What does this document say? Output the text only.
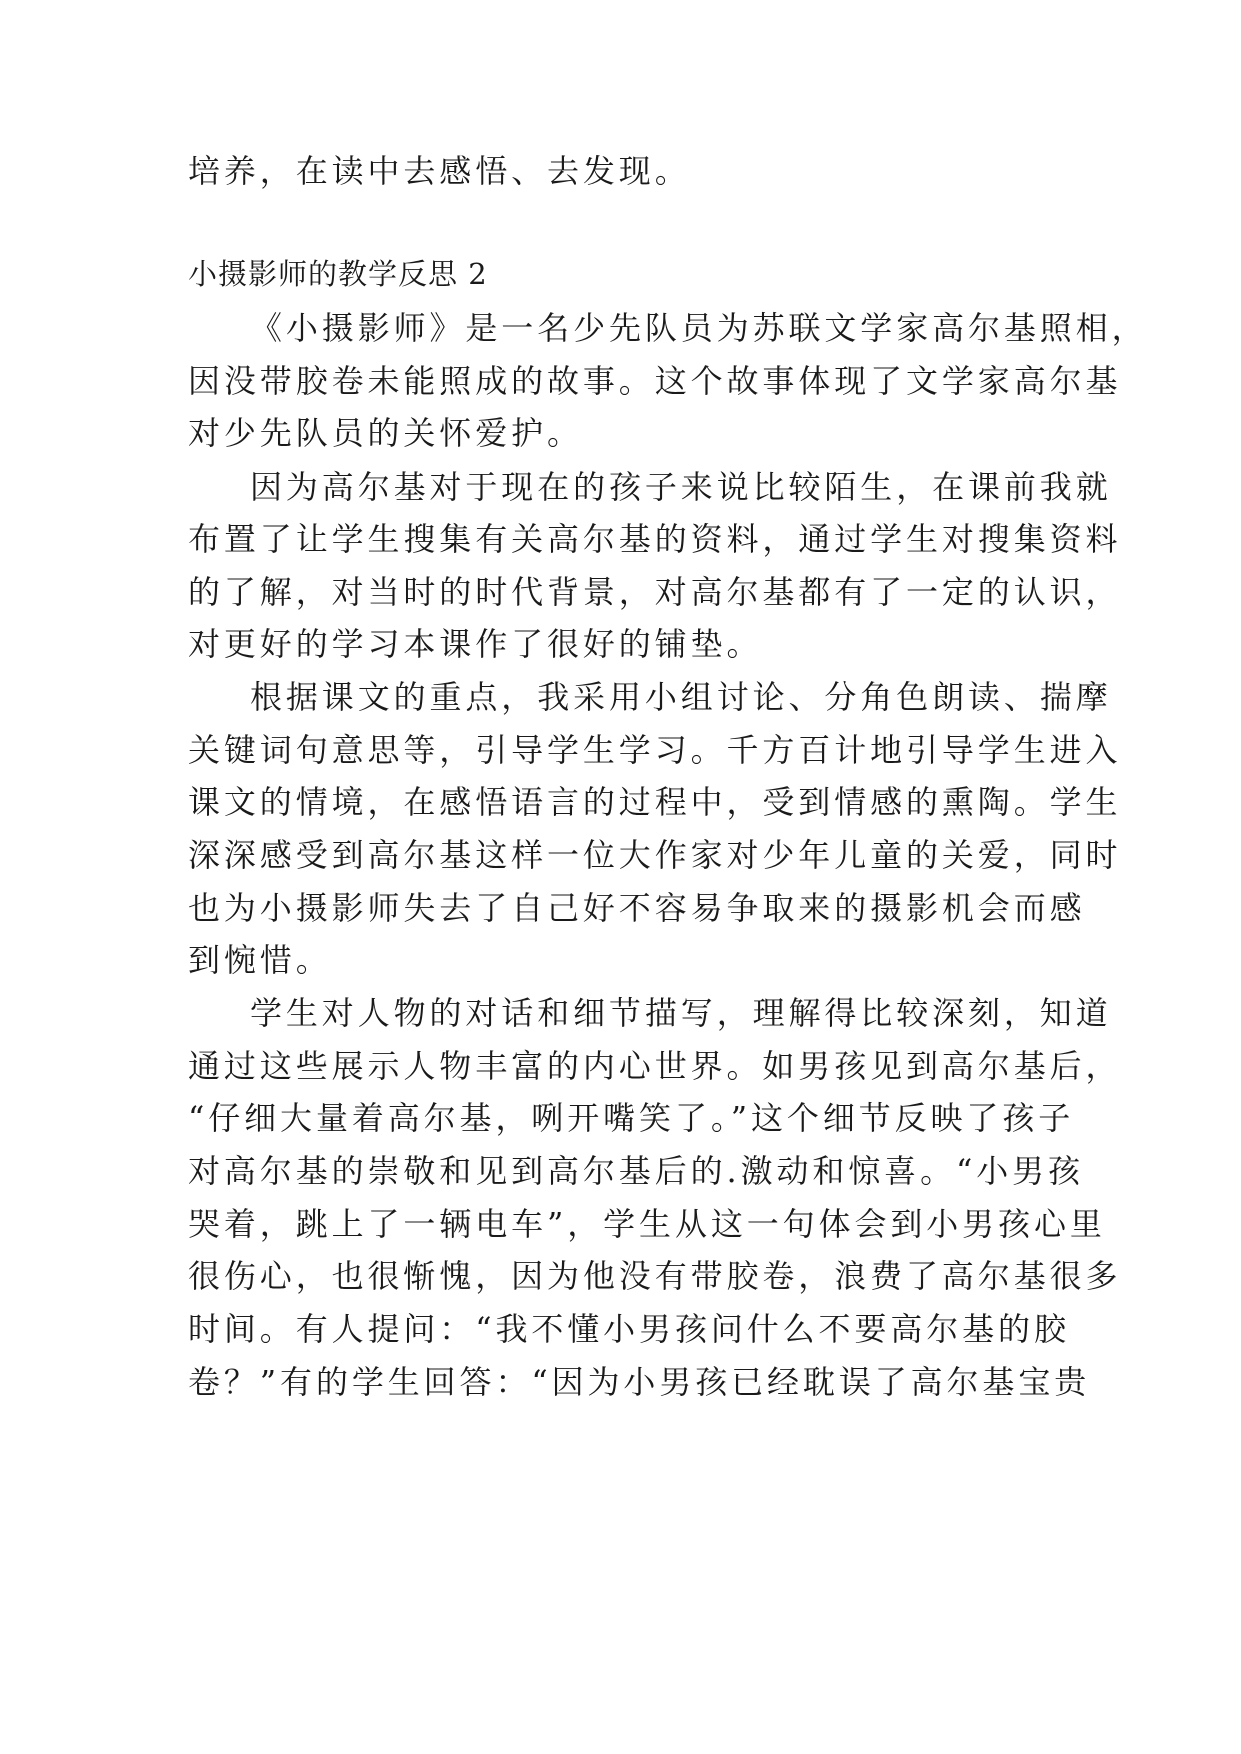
培养，在读中去感悟、去发现。
小摄影师的教学反思 2
《小摄影师》是一名少先队员为苏联文学家高尔基照相，
因没带胶卷未能照成的故事。这个故事体现了文学家高尔基
对少先队员的关怀爱护。
因为高尔基对于现在的孩子来说比较陌生，在课前我就
布置了让学生搜集有关高尔基的资料，通过学生对搜集资料
的了解，对当时的时代背景，对高尔基都有了一定的认识，
对更好的学习本课作了很好的铺垫。
根据课文的重点，我采用小组讨论、分角色朗读、揣摩
关键词句意思等，引导学生学习。千方百计地引导学生进入
课文的情境，在感悟语言的过程中，受到情感的熏陶。学生
深深感受到高尔基这样一位大作家对少年儿童的关爱，同时
也为小摄影师失去了自己好不容易争取来的摄影机会而感
到惋惜。
学生对人物的对话和细节描写，理解得比较深刻，知道
通过这些展示人物丰富的内心世界。如男孩见到高尔基后，
“仔细大量着高尔基，咧开嘴笑了。”这个细节反映了孩子
对高尔基的崇敬和见到高尔基后的.激动和惊喜。“小男孩
哭着，跳上了一辆电车”，学生从这一句体会到小男孩心里
很伤心，也很惭愧，因为他没有带胶卷，浪费了高尔基很多
时间。有人提问：“我不懂小男孩问什么不要高尔基的胶
卷？”有的学生回答：“因为小男孩已经耽误了高尔基宝贵
